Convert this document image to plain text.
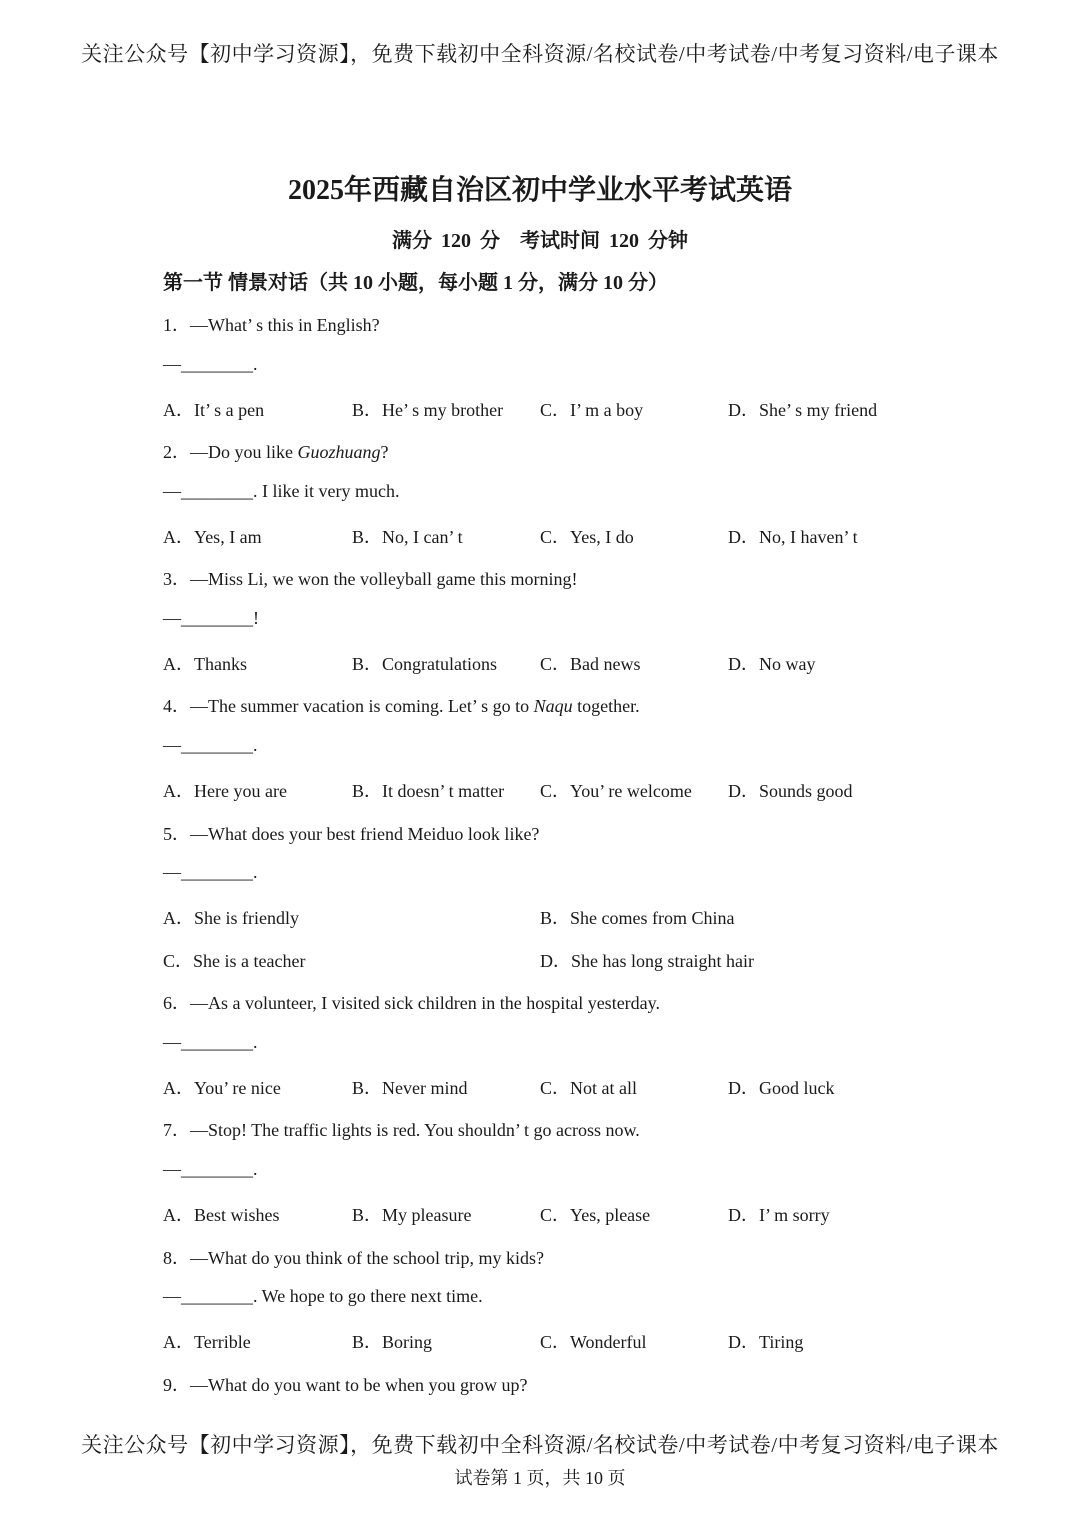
关注公众号【初中学习资源】，免费下载初中全科资源/名校试卷/中考试卷/中考复习资料/电子课本
2025年西藏自治区初中学业水平考试英语
满分 120 分　考试时间 120 分钟
第一节 情景对话（共 10 小题，每小题 1 分，满分 10 分）
1．—What’ s this in English?
—________.
A．It’ s a pen	B．He’ s my brother C．I’ m a boy	D．She’ s my friend
2．—Do you like Guozhuang?
—________. I like it very much.
A．Yes, I am	B．No, I can’ t	C．Yes, I do	D．No, I haven’ t
3．—Miss Li, we won the volleyball game this morning!
—________!
A．Thanks	B．Congratulations C．Bad news	D．No way
4．—The summer vacation is coming. Let’ s go to Naqu together.
—________.
A．Here you are	B．It doesn’ t matter C．You’ re welcome D．Sounds good
5．—What does your best friend Meiduo look like?
—________.
A．She is friendly	B．She comes from China
C．She is a teacher	D．She has long straight hair
6．—As a volunteer, I visited sick children in the hospital yesterday.
—________.
A．You’ re nice	B．Never mind	C．Not at all	D．Good luck
7．—Stop! The traffic lights is red. You shouldn’ t go across now.
—________.
A．Best wishes	B．My pleasure	C．Yes, please	D．I’ m sorry
8．—What do you think of the school trip, my kids?
—________. We hope to go there next time.
A．Terrible	B．Boring	C．Wonderful	D．Tiring
9．—What do you want to be when you grow up?
关注公众号【初中学习资源】，免费下载初中全科资源/名校试卷/中考试卷/中考复习资料/电子课本
试卷第 1 页，共 10 页
